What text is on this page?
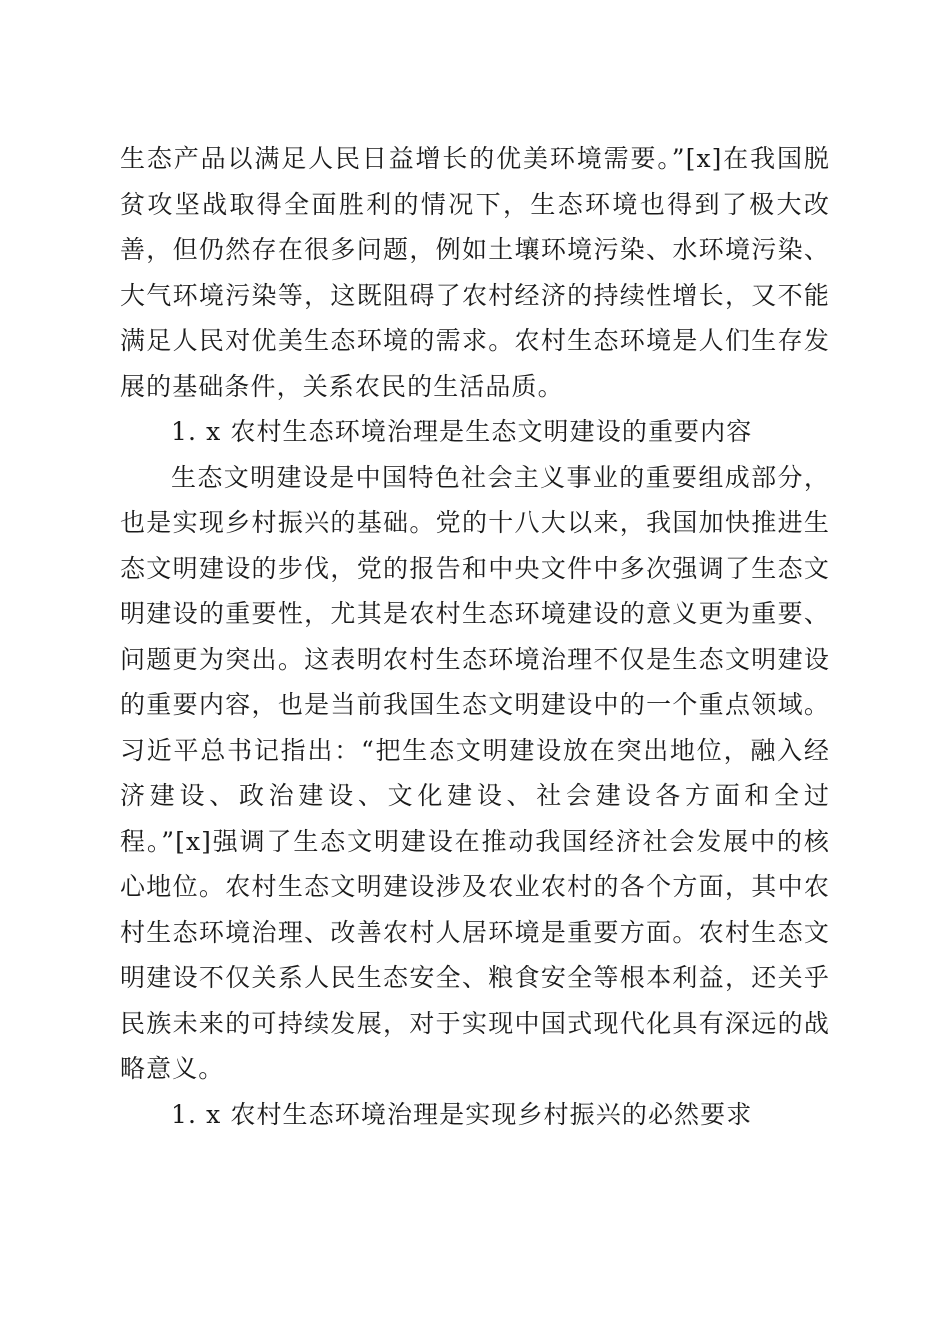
生态产品以满足人民日益增长的优美环境需要。”[x]在我国脱贫攻坚战取得全面胜利的情况下，生态环境也得到了极大改善，但仍然存在很多问题，例如土壤环境污染、水环境污染、大气环境污染等，这既阻碍了农村经济的持续性增长，又不能满足人民对优美生态环境的需求。农村生态环境是人们生存发展的基础条件，关系农民的生活品质。

1. x 农村生态环境治理是生态文明建设的重要内容

生态文明建设是中国特色社会主义事业的重要组成部分，也是实现乡村振兴的基础。党的十八大以来，我国加快推进生态文明建设的步伐，党的报告和中央文件中多次强调了生态文明建设的重要性，尤其是农村生态环境建设的意义更为重要、问题更为突出。这表明农村生态环境治理不仅是生态文明建设的重要内容，也是当前我国生态文明建设中的一个重点领域。习近平总书记指出：“把生态文明建设放在突出地位，融入经济建设、政治建设、文化建设、社会建设各方面和全过程。”[x]强调了生态文明建设在推动我国经济社会发展中的核心地位。农村生态文明建设涉及农业农村的各个方面，其中农村生态环境治理、改善农村人居环境是重要方面。农村生态文明建设不仅关系人民生态安全、粮食安全等根本利益，还关乎民族未来的可持续发展，对于实现中国式现代化具有深远的战略意义。

1. x 农村生态环境治理是实现乡村振兴的必然要求
